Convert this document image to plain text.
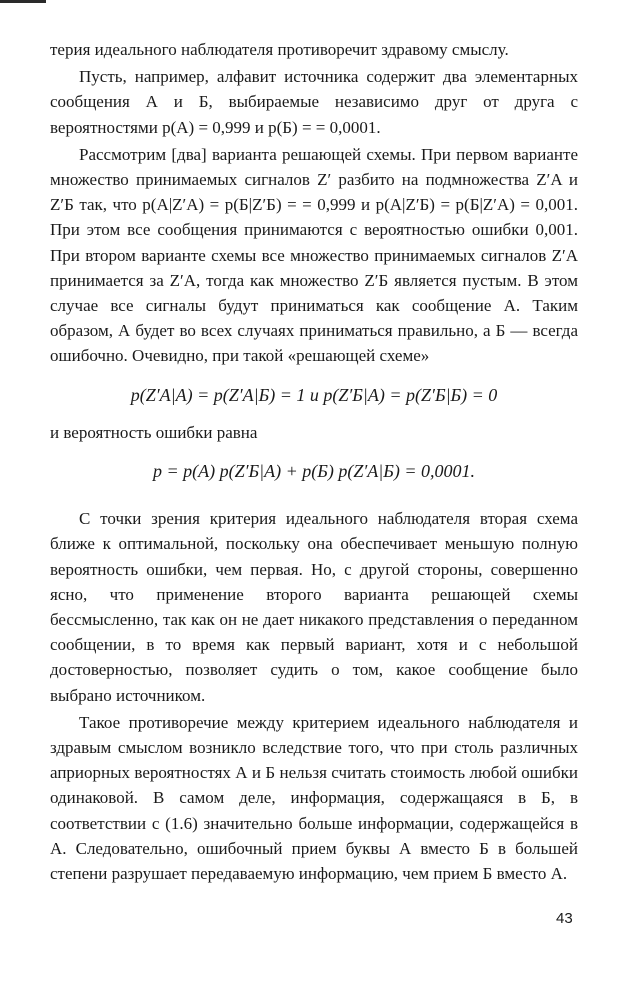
терия идеального наблюдателя противоречит здравому смыслу.

Пусть, например, алфавит источника содержит два элементарных сообщения А и Б, выбираемые независимо друг от друга с вероятностями p(A) = 0,999 и p(Б) = = 0,0001.

Рассмотрим [два] варианта решающей схемы. При первом варианте множество принимаемых сигналов Z′ разбито на подмножества Z′A и Z′Б так, что p(A|Z′A) = p(Б|Z′Б) = = 0,999 и p(A|Z′Б) = p(Б|Z′A) = 0,001. При этом все сообщения принимаются с вероятностью ошибки 0,001. При втором варианте схемы все множество принимаемых сигналов Z′A принимается за Z′A, тогда как множество Z′Б является пустым. В этом случае все сигналы будут приниматься как сообщение А. Таким образом, А будет во всех случаях приниматься правильно, а Б — всегда ошибочно. Очевидно, при такой «решающей схеме»

p(Z′A|A) = p(Z′A|Б) = 1 и p(Z′Б|A) = p(Z′Б|Б) = 0

и вероятность ошибки равна

p = p(A) p(Z′Б|A) + p(Б) p(Z′A|Б) = 0,0001.

С точки зрения критерия идеального наблюдателя вторая схема ближе к оптимальной, поскольку она обеспечивает меньшую полную вероятность ошибки, чем первая. Но, с другой стороны, совершенно ясно, что применение второго варианта решающей схемы бессмысленно, так как он не дает никакого представления о переданном сообщении, в то время как первый вариант, хотя и с небольшой достоверностью, позволяет судить о том, какое сообщение было выбрано источником.

Такое противоречие между критерием идеального наблюдателя и здравым смыслом возникло вследствие того, что при столь различных априорных вероятностях А и Б нельзя считать стоимость любой ошибки одинаковой. В самом деле, информация, содержащаяся в Б, в соответствии с (1.6) значительно больше информации, содержащейся в А. Следовательно, ошибочный прием буквы А вместо Б в большей степени разрушает передаваемую информацию, чем прием Б вместо А.

43
